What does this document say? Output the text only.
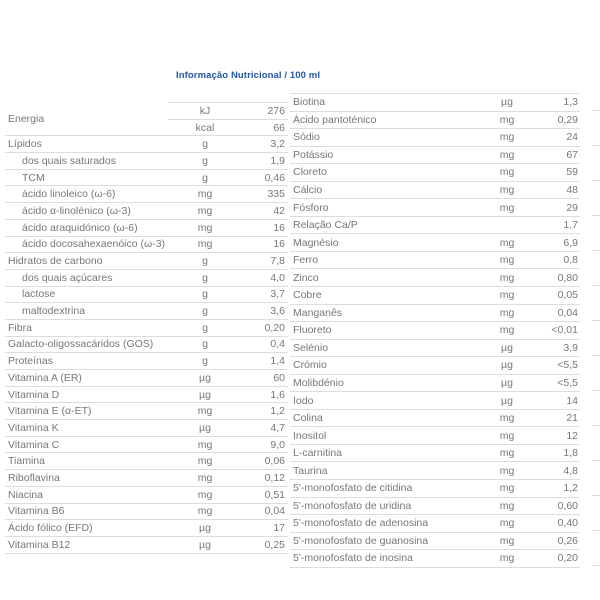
Informação Nutricional / 100 ml
Energia
kJ	276
kcal	66
Lípidos	g	3,2
dos quais saturados	g	1,9
TCM	g	0,46
ácido linoleico (ω-6)	mg	335
ácido α-linolénico (ω-3)	mg	42
ácido araquidónico (ω-6)	mg	16
ácido docosahexaenóico (ω-3)	mg	16
Hidratos de carbono	g	7,8
dos quais açúcares	g	4,0
lactose	g	3,7
maltodextrina	g	3,6
Fibra	g	0,20
Galacto-oligossacáridos (GOS)	g	0,4
Proteínas	g	1,4
Vitamina A (ER)	µg	60
Vitamina D	µg	1,6
Vitamina E (α-ET)	mg	1,2
Vitamina K	µg	4,7
Vitamina C	mg	9,0
Tiamina	mg	0,06
Riboflavina	mg	0,12
Niacina	mg	0,51
Vitamina B6	mg	0,04
Ácido fólico (EFD)	µg	17
Vitamina B12	µg	0,25
Biotina	µg	1,3
Ácido pantoténico	mg	0,29
Sódio	mg	24
Potássio	mg	67
Cloreto	mg	59
Cálcio	mg	48
Fósforo	mg	29
Relação Ca/P	1,7
Magnésio	mg	6,9
Ferro	mg	0,8
Zinco	mg	0,80
Cobre	mg	0,05
Manganês	mg	0,04
Fluoreto	mg	<0,01
Selénio	µg	3,9
Crómio	µg	<5,5
Molibdénio	µg	<5,5
Iodo	µg	14
Colina	mg	21
Inositol	mg	12
L-carnitina	mg	1,8
Taurina	mg	4,8
5'-monofosfato de citidina	mg	1,2
5'-monofosfato de uridina	mg	0,60
5'-monofosfato de adenosina	mg	0,40
5'-monofosfato de guanosina	mg	0,26
5'-monofosfato de inosina	mg	0,20
